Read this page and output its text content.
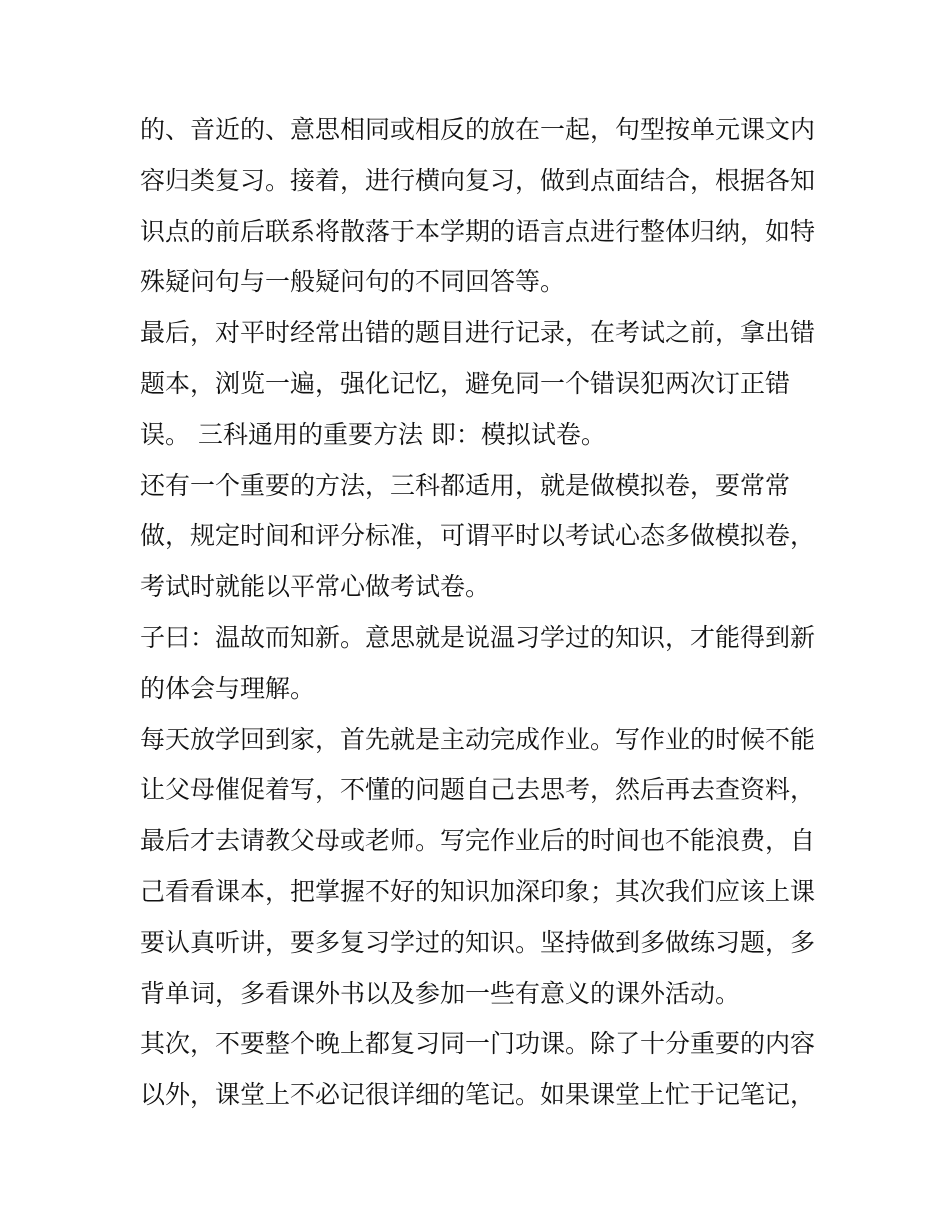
的、音近的、意思相同或相反的放在一起，句型按单元课文内
容归类复习。接着，进行横向复习，做到点面结合，根据各知
识点的前后联系将散落于本学期的语言点进行整体归纳，如特
殊疑问句与一般疑问句的不同回答等。

最后，对平时经常出错的题目进行记录，在考试之前，拿出错
题本，浏览一遍，强化记忆，避免同一个错误犯两次订正错
误。 三科通用的重要方法 即：模拟试卷。

还有一个重要的方法，三科都适用，就是做模拟卷，要常常
做，规定时间和评分标准，可谓平时以考试心态多做模拟卷，
考试时就能以平常心做考试卷。

子曰：温故而知新。意思就是说温习学过的知识，才能得到新
的体会与理解。

每天放学回到家，首先就是主动完成作业。写作业的时候不能
让父母催促着写，不懂的问题自己去思考，然后再去查资料，
最后才去请教父母或老师。写完作业后的时间也不能浪费，自
己看看课本，把掌握不好的知识加深印象；其次我们应该上课
要认真听讲，要多复习学过的知识。坚持做到多做练习题，多
背单词，多看课外书以及参加一些有意义的课外活动。

其次，不要整个晚上都复习同一门功课。除了十分重要的内容
以外，课堂上不必记很详细的笔记。如果课堂上忙于记笔记，
